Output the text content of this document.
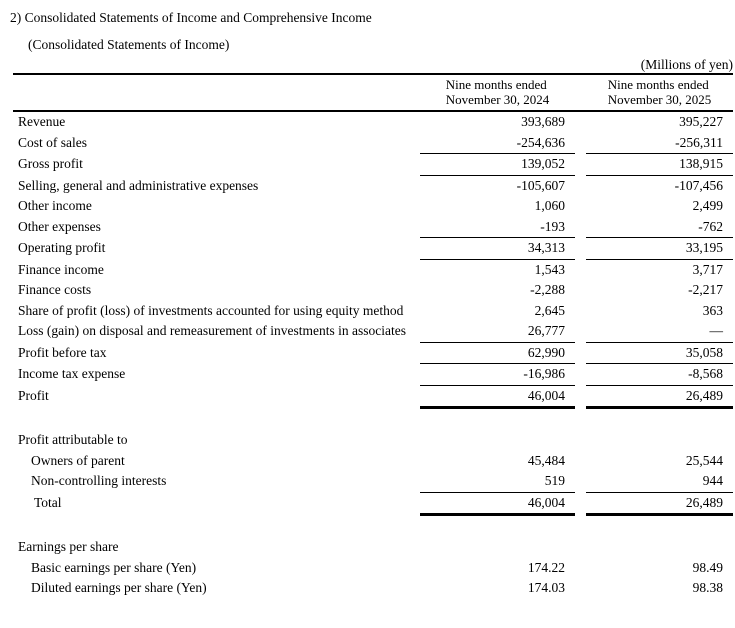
2) Consolidated Statements of Income and Comprehensive Income
(Consolidated Statements of Income)
(Millions of yen)
Nine months ended
November 30, 2024
Nine months ended
November 30, 2025
Revenue	393,689	395,227
Cost of sales	-254,636	-256,311
Gross profit	139,052	138,915
Selling, general and administrative expenses	-105,607	-107,456
Other income	1,060	2,499
Other expenses	-193	-762
Operating profit	34,313	33,195
Finance income	1,543	3,717
Finance costs	-2,288	-2,217
Share of profit (loss) of investments accounted for using equity method	2,645	363
Loss (gain) on disposal and remeasurement of investments in associates	26,777	—
Profit before tax	62,990	35,058
Income tax expense	-16,986	-8,568
Profit	46,004	26,489
Profit attributable to
Owners of parent	45,484	25,544
Non-controlling interests	519	944
Total	46,004	26,489
Earnings per share
Basic earnings per share (Yen)	174.22	98.49
Diluted earnings per share (Yen)	174.03	98.38
